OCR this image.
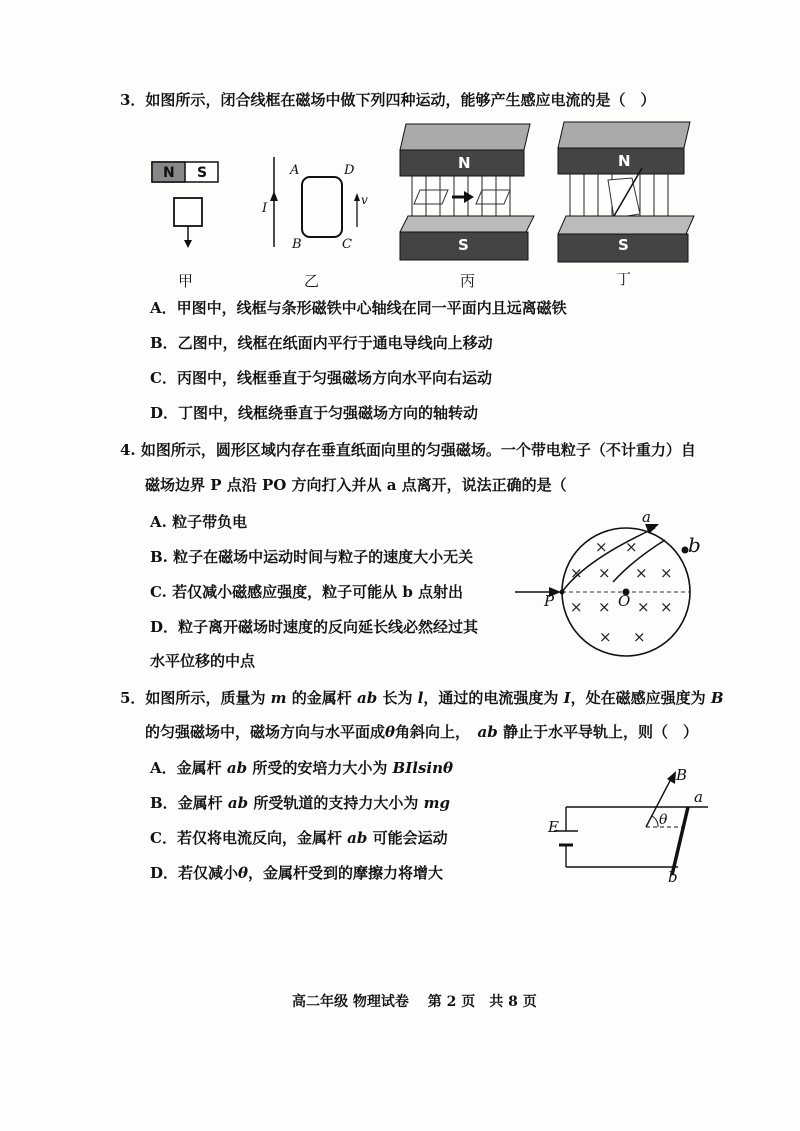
3．如图所示，闭合线框在磁场中做下列四种运动，能够产生感应电流的是（　）
N S
甲
A	D
B	C
I
v
乙
N
S
丙
N
S
丁
A．甲图中，线框与条形磁铁中心轴线在同一平面内且远离磁铁
B．乙图中，线框在纸面内平行于通电导线向上移动
C．丙图中，线框垂直于匀强磁场方向水平向右运动
D．丁图中，线框绕垂直于匀强磁场方向的轴转动
4. 如图所示，圆形区域内存在垂直纸面向里的匀强磁场。一个带电粒子（不计重力）自
磁场边界 P 点沿 PO 方向打入并从 a 点离开，说法正确的是（
A. 粒子带负电
B. 粒子在磁场中运动时间与粒子的速度大小无关
C. 若仅减小磁感应强度，粒子可能从 b 点射出
D．粒子离开磁场时速度的反向延长线必然经过其
水平位移的中点
× ×
× × × ×
× × × ×
× ×
a
b
P	O
5．如图所示，质量为 m 的金属杆 ab 长为 l，通过的电流强度为 I，处在磁感应强度为 B
的匀强磁场中，磁场方向与水平面成θ角斜向上，　ab 静止于水平导轨上，则（　）
A．金属杆 ab 所受的安培力大小为 BIlsinθ
B．金属杆 ab 所受轨道的支持力大小为 mg
C．若仅将电流反向，金属杆 ab 可能会运动
D．若仅减小θ，金属杆受到的摩擦力将增大
B
a
b
E	θ
高二年级 物理试卷　 第 2 页　共 8 页
